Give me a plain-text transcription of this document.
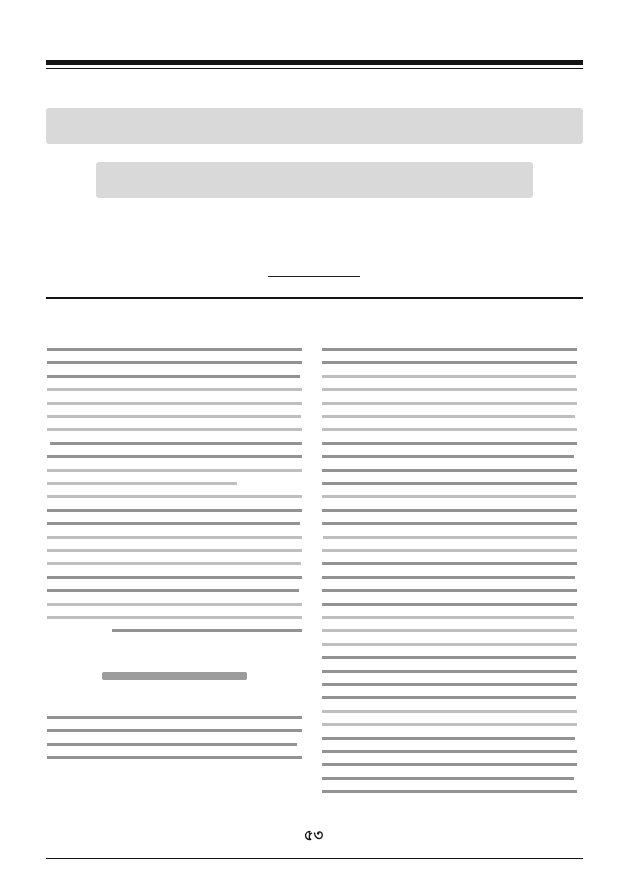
৫৩
